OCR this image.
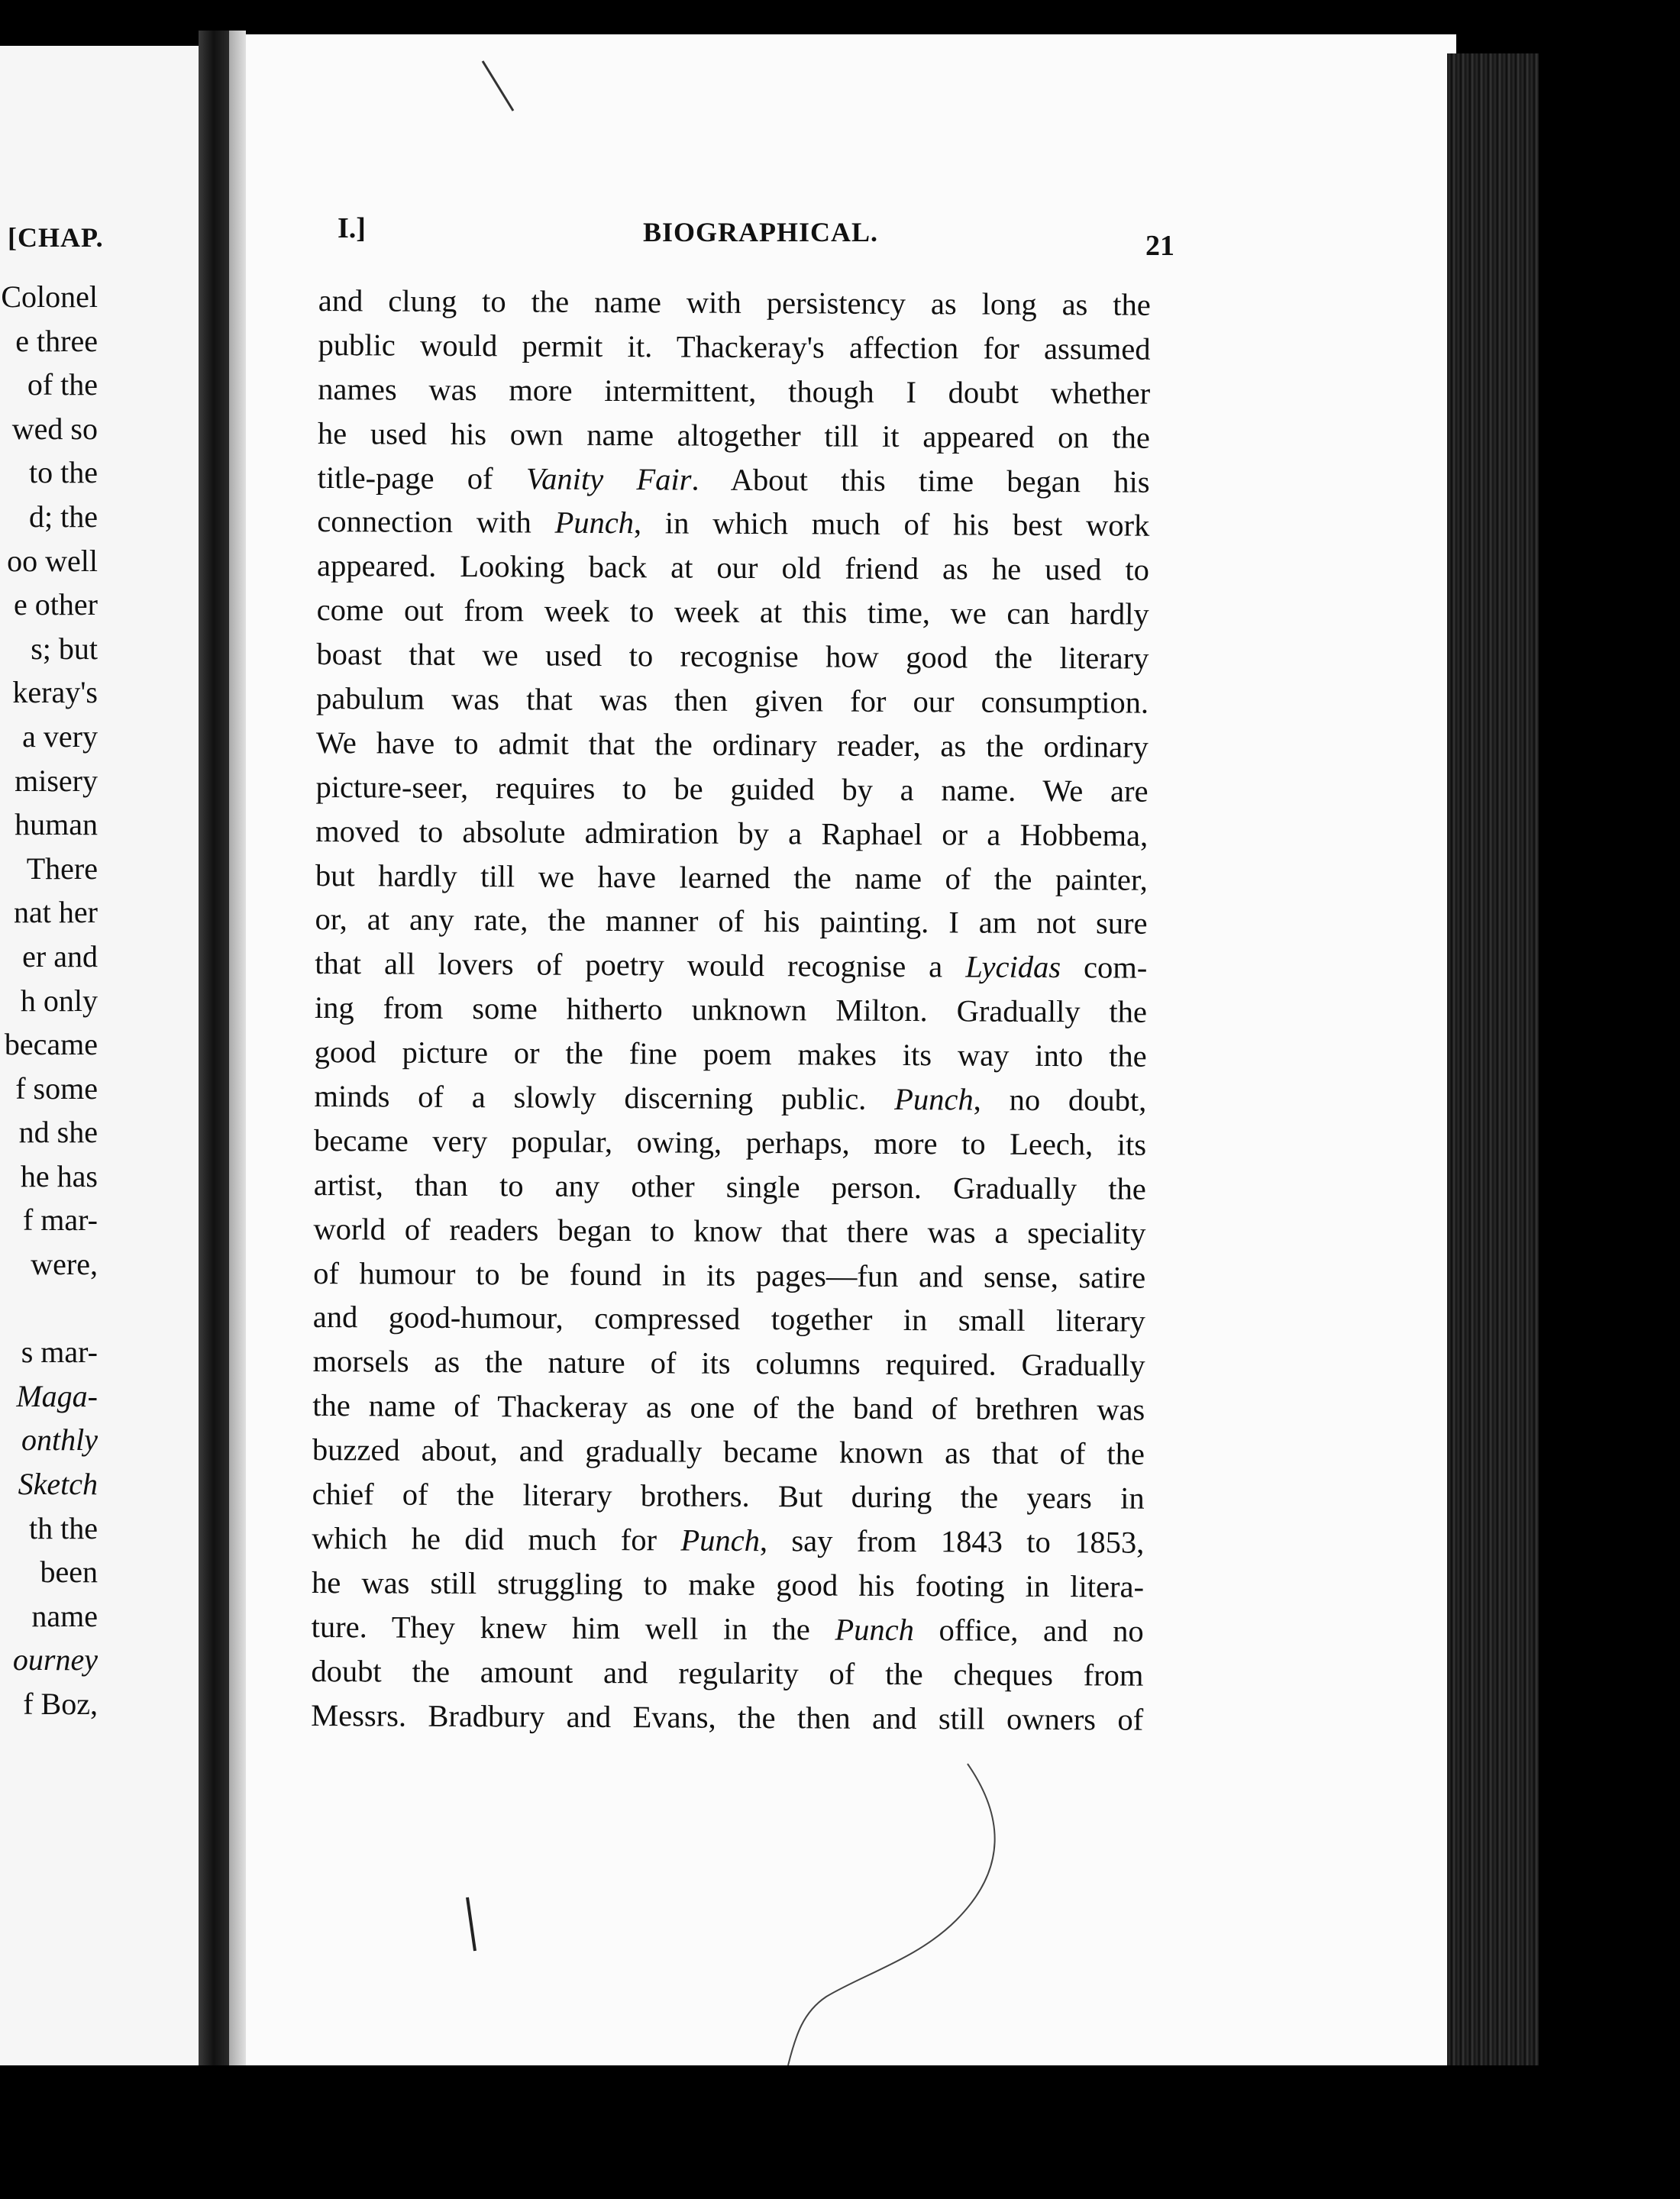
[CHAP.
Colonel
e three
of the
wed so
to the
d; the
oo well
e other
s; but
keray's
a very
misery
human
There
nat her
er and
h only
became
f some
nd she
he has
f mar-
were,
s mar-
Maga-
onthly
Sketch
th the
been
name
ourney
f Boz,
I.]	BIOGRAPHICAL.	21
and clung to the name with persistency as long as the
public would permit it. Thackeray's affection for assumed
names was more intermittent, though I doubt whether
he used his own name altogether till it appeared on the
title-page of Vanity Fair. About this time began his
connection with Punch, in which much of his best work
appeared. Looking back at our old friend as he used to
come out from week to week at this time, we can hardly
boast that we used to recognise how good the literary
pabulum was that was then given for our consumption.
We have to admit that the ordinary reader, as the ordinary
picture-seer, requires to be guided by a name. We are
moved to absolute admiration by a Raphael or a Hobbema,
but hardly till we have learned the name of the painter,
or, at any rate, the manner of his painting. I am not sure
that all lovers of poetry would recognise a Lycidas com-
ing from some hitherto unknown Milton. Gradually the
good picture or the fine poem makes its way into the
minds of a slowly discerning public. Punch, no doubt,
became very popular, owing, perhaps, more to Leech, its
artist, than to any other single person. Gradually the
world of readers began to know that there was a speciality
of humour to be found in its pages—fun and sense, satire
and good-humour, compressed together in small literary
morsels as the nature of its columns required. Gradually
the name of Thackeray as one of the band of brethren was
buzzed about, and gradually became known as that of the
chief of the literary brothers. But during the years in
which he did much for Punch, say from 1843 to 1853,
he was still struggling to make good his footing in litera-
ture. They knew him well in the Punch office, and no
doubt the amount and regularity of the cheques from
Messrs. Bradbury and Evans, the then and still owners of
